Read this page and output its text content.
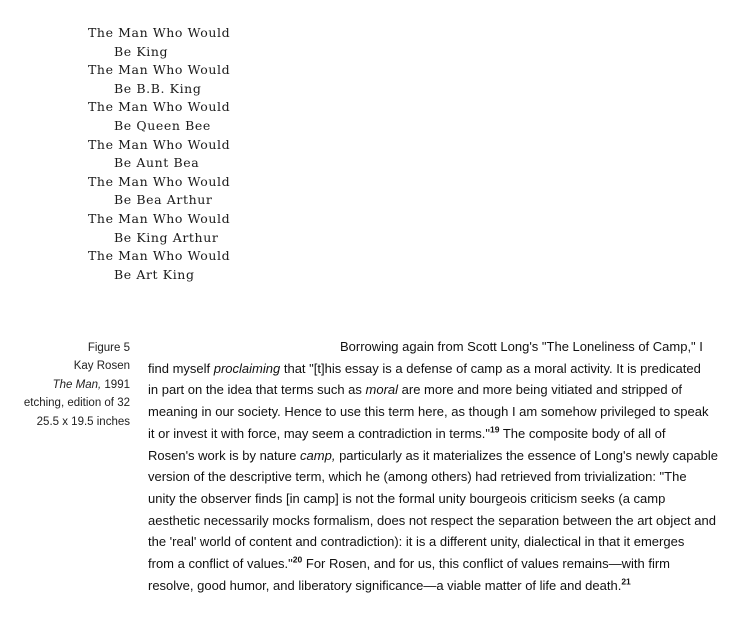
The Man Who Would
Be King
The Man Who Would
Be B.B. King
The Man Who Would
Be Queen Bee
The Man Who Would
Be Aunt Bea
The Man Who Would
Be Bea Arthur
The Man Who Would
Be King Arthur
The Man Who Would
Be Art King
Figure 5
Kay Rosen
The Man, 1991
etching, edition of 32
25.5 x 19.5 inches
Borrowing again from Scott Long's "The Loneliness of Camp," I
find myself proclaiming that "[t]his essay is a defense of camp as a moral activity. It is predicated
in part on the idea that terms such as moral are more and more being vitiated and stripped of
meaning in our society. Hence to use this term here, as though I am somehow privileged to speak
it or invest it with force, may seem a contradiction in terms."$^{19}$ The composite body of all of
Rosen's work is by nature camp, particularly as it materializes the essence of Long's newly capable
version of the descriptive term, which he (among others) had retrieved from trivialization: "The
unity the observer finds [in camp] is not the formal unity bourgeois criticism seeks (a camp
aesthetic necessarily mocks formalism, does not respect the separation between the art object and
the 'real' world of content and contradiction): it is a different unity, dialectical in that it emerges
from a conflict of values."$^{20}$ For Rosen, and for us, this conflict of values remains—with firm
resolve, good humor, and liberatory significance—a viable matter of life and death.$^{21}$
